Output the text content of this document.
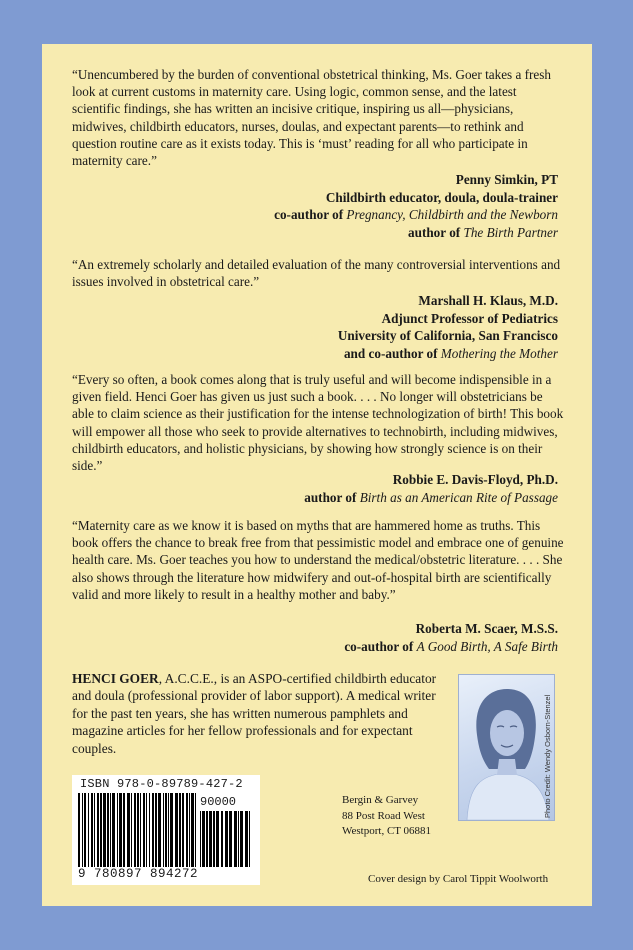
“Unencumbered by the burden of conventional obstetrical thinking, Ms. Goer takes a fresh look at current customs in maternity care. Using logic, common sense, and the latest scientific findings, she has written an incisive critique, inspiring us all—physicians, midwives, childbirth educators, nurses, doulas, and expectant parents—to rethink and question routine care as it exists today. This is ‘must’ reading for all who participate in maternity care.”

Penny Simkin, PT
Childbirth educator, doula, doula-trainer
co-author of Pregnancy, Childbirth and the Newborn
author of The Birth Partner

“An extremely scholarly and detailed evaluation of the many controversial interventions and issues involved in obstetrical care.”

Marshall H. Klaus, M.D.
Adjunct Professor of Pediatrics
University of California, San Francisco
and co-author of Mothering the Mother

“Every so often, a book comes along that is truly useful and will become indispensible in a given field. Henci Goer has given us just such a book. . . . No longer will obstetricians be able to claim science as their justification for the intense technologization of birth! This book will empower all those who seek to provide alternatives to technobirth, including midwives, childbirth educators, and holistic physicians, by showing how strongly science is on their side.”

Robbie E. Davis-Floyd, Ph.D.
author of Birth as an American Rite of Passage

“Maternity care as we know it is based on myths that are hammered home as truths. This book offers the chance to break free from that pessimistic model and embrace one of genuine health care. Ms. Goer teaches you how to understand the medical/obstetric literature. . . . She also shows through the literature how midwifery and out-of-hospital birth are scientifically valid and more likely to result in a healthy mother and baby.”

Roberta M. Scaer, M.S.S.
co-author of A Good Birth, A Safe Birth

HENCI GOER, A.C.C.E., is an ASPO-certified childbirth educator and doula (professional provider of labor support). A medical writer for the past ten years, she has written numerous pamphlets and magazine articles for her fellow professionals and for expectant couples.	Photo Credit: Wendy Osborn-Stenzel
ISBN 978-0-89789-427-2
90000
9 780897 894272
Bergin & Garvey
88 Post Road West
Westport, CT 06881
Cover design by Carol Tippit Woolworth
